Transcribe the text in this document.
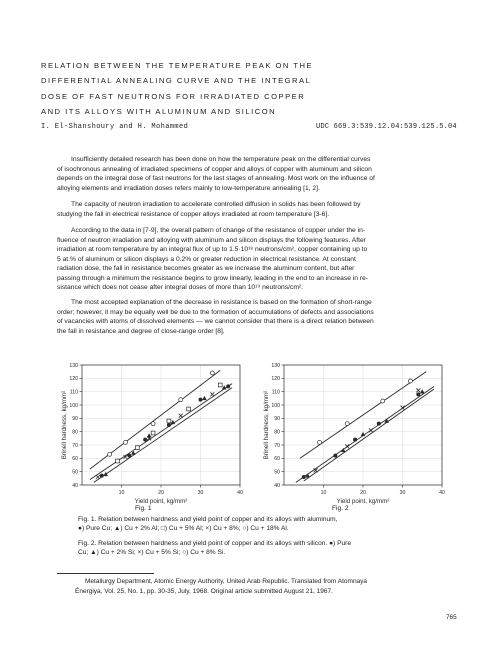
RELATION BETWEEN THE TEMPERATURE PEAK ON THE
DIFFERENTIAL ANNEALING CURVE AND THE INTEGRAL
DOSE OF FAST NEUTRONS FOR IRRADIATED COPPER
AND ITS ALLOYS WITH ALUMINUM AND SILICON
I. El-Shanshoury and H. Mohammed	UDC 669.3:539.12.04:539.125.5.04
Insufficiently detailed research has been done on how the temperature peak on the differential curves
of isochronous annealing of irradiated specimens of copper and alloys of copper with aluminum and silicon
depends on the integral dose of fast neutrons for the last stages of annealing. Most work on the influence of
alloying elements and irradiation doses refers mainly to low-temperature annealing [1, 2].
The capacity of neutron irradiation to accelerate controlled diffusion in solids has been followed by
studying the fall in electrical resistance of copper alloys irradiated at room temperature [3-6].
According to the data in [7-9], the overall pattern of change of the resistance of copper under the in-
fluence of neutron irradiation and alloying with aluminum and silicon displays the following features. After
irradiation at room temperature by an integral flux of up to 1.5·10¹⁸ neutrons/cm², copper containing up to
5 at.% of aluminum or silicon displays a 0.2% or greater reduction in electrical resistance. At constant
radiation dose, the fall in resistance becomes greater as we increase the aluminum content, but after
passing through a minimum the resistance begins to grow linearly, leading in the end to an increase in re-
sistance which does not cease after integral doses of more than 10¹⁹ neutrons/cm².
The most accepted explanation of the decrease in resistance is based on the formation of short-range
order; however, it may be equally well be due to the formation of accumulations of defects and associations
of vacancies with atoms of dissolved elements — we cannot consider that there is a direct relation between
the fall in resistance and degree of close-range order [8].
10	20	30	40
40
50
60
70
80
90
100
110
120
130
Yield point, kg/mm²
Brinell hardness, kg/mm²
10	20	30	40
40
50
60
70
80
90
100
110
120
130
Yield point, kg/mm²
Brinell hardness, kg/mm²
Fig. 1	Fig. 2
Fig. 1. Relation between hardness and yield point of copper and its alloys with aluminum,
●) Pure Cu; ▲) Cu + 2% Al; □) Cu + 5% Al; ×) Cu + 8%; ○) Cu + 18% Al.
Fig. 2. Relation between hardness and yield point of copper and its alloys with silicon. ●) Pure
Cu; ▲) Cu + 2% Si; ×) Cu + 5% Si; ○) Cu + 8% Si.
Metallurgy Department, Atomic Energy Authority, United Arab Republic. Translated from Atomnaya
Énergiya, Vol. 25, No. 1, pp. 30-35, July, 1968. Original article submitted August 21, 1967.
765
